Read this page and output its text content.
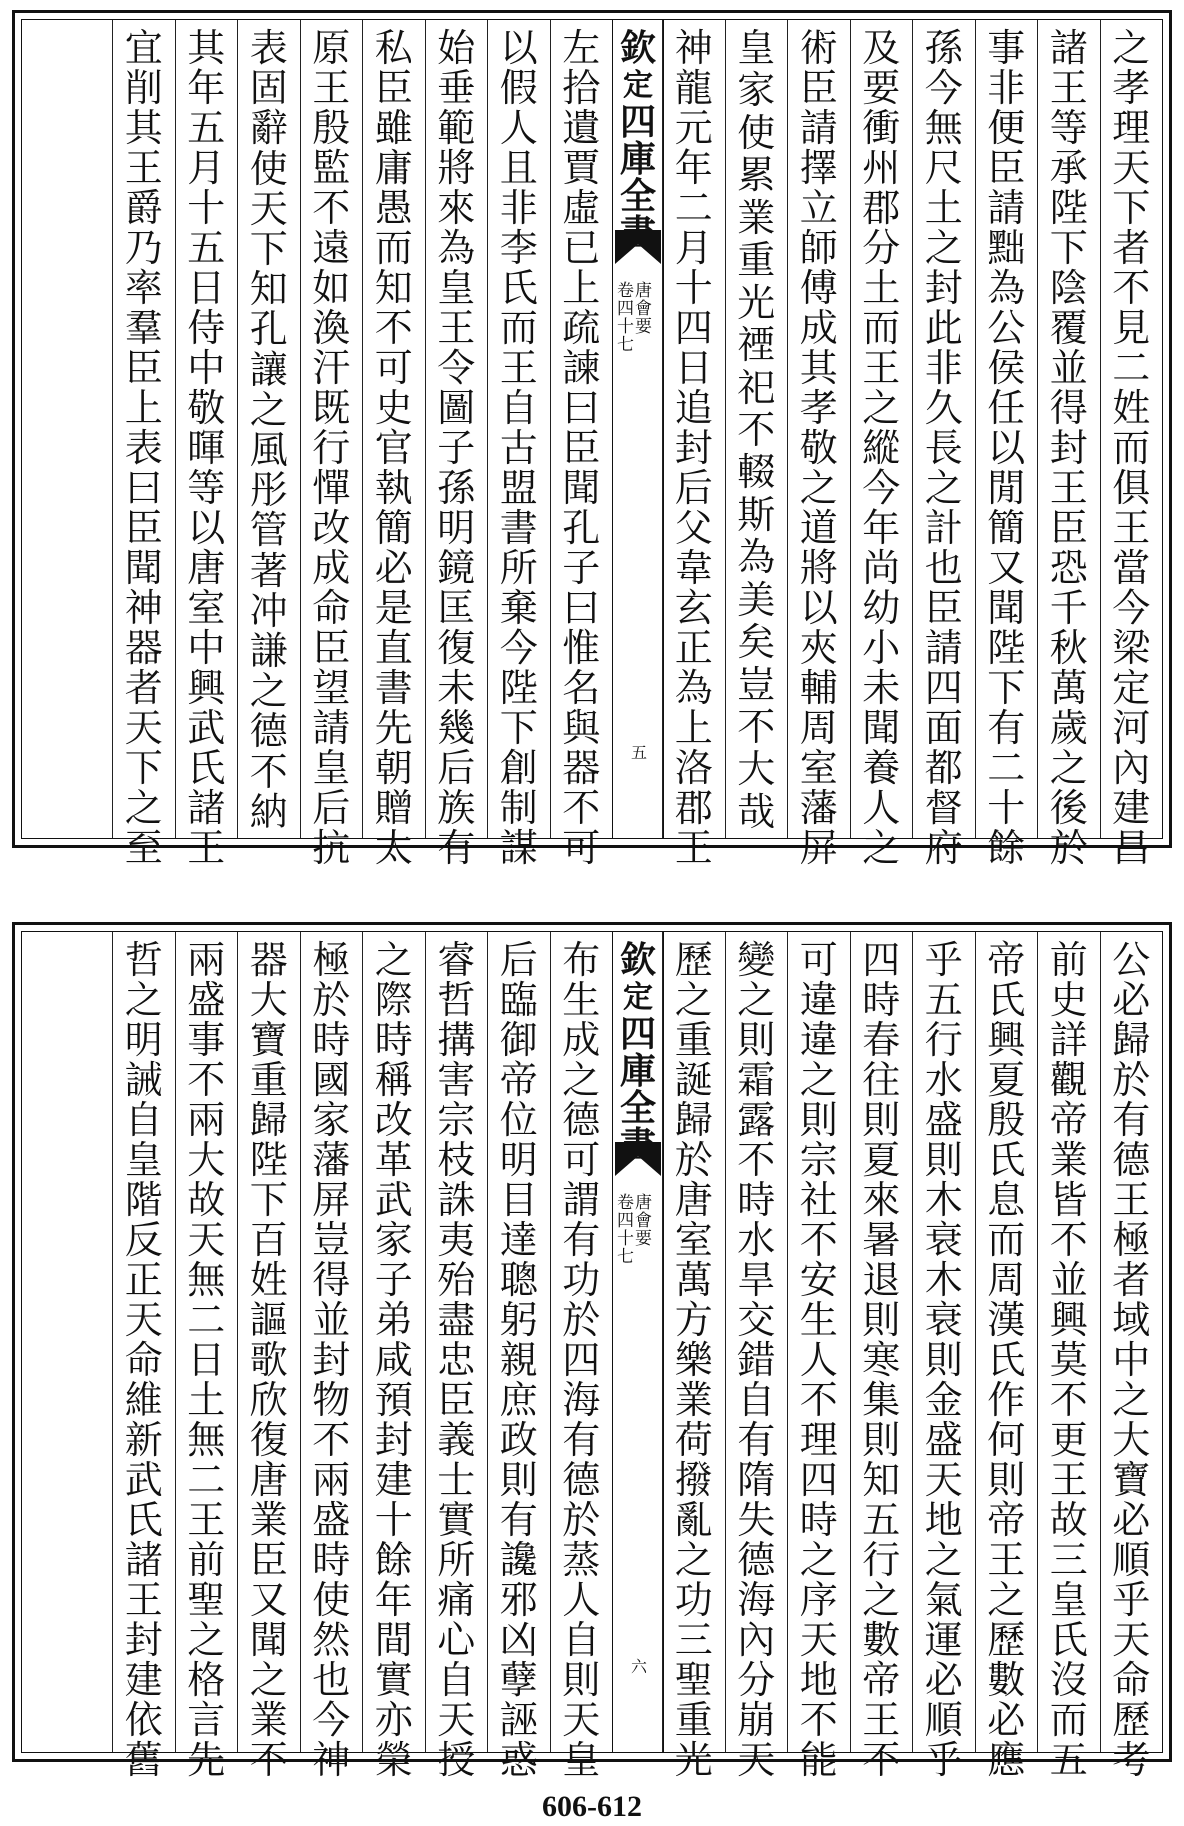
之
孝
理
天
下
者
不
見
二
姓
而
俱
王
當
今
梁
定
河
內
建
昌
諸
王
等
承
陛
下
陰
覆
並
得
封
王
臣
恐
千
秋
萬
歲
之
後
於
事
非
便
臣
請
黜
為
公
侯
任
以
閒
簡
又
聞
陛
下
有
二
十
餘
孫
今
無
尺
土
之
封
此
非
久
長
之
計
也
臣
請
四
面
都
督
府
及
要
衝
州
郡
分
土
而
王
之
縱
今
年
尚
幼
小
未
聞
養
人
之
術
臣
請
擇
立
師
傅
成
其
孝
敬
之
道
將
以
夾
輔
周
室
藩
屏
皇
家
使
累
業
重
光
禋
祀
不
輟
斯
為
美
矣
豈
不
大
哉
神
龍
元
年
二
月
十
四
日
追
封
后
父
韋
玄
正
為
上
洛
郡
王
欽
定
四
庫
全
唐
會
要
卷
四
十
七
五
左
拾
遺
賈
虛
已
上
疏
諫
曰
臣
聞
孔
子
曰
惟
名
與
器
不
可
以
假
人
且
非
李
氏
而
王
自
古
盟
書
所
棄
今
陛
下
創
制
謀
始
垂
範
將
來
為
皇
王
令
圖
子
孫
明
鏡
匡
復
未
幾
后
族
有
私
臣
雖
庸
愚
而
知
不
可
史
官
執
簡
必
是
直
書
先
朝
贈
太
原
王
殷
監
不
遠
如
渙
汗
既
行
憚
改
成
命
臣
望
請
皇
后
抗
表
固
辭
使
天
下
知
孔
讓
之
風
彤
管
著
冲
謙
之
德
不
納
其
年
五
月
十
五
日
侍
中
敬
暉
等
以
唐
室
中
興
武
氏
諸
王
宜
削
其
王
爵
乃
率
羣
臣
上
表
曰
臣
聞
神
器
者
天
下
之
至
公
必
歸
於
有
德
王
極
者
域
中
之
大
寶
必
順
乎
天
命
歷
考
前
史
詳
觀
帝
業
皆
不
並
興
莫
不
更
王
故
三
皇
氏
沒
而
五
帝
氏
興
夏
殷
氏
息
而
周
漢
氏
作
何
則
帝
王
之
歷
數
必
應
乎
五
行
水
盛
則
木
衰
木
衰
則
金
盛
天
地
之
氣
運
必
順
乎
四
時
春
往
則
夏
來
暑
退
則
寒
集
則
知
五
行
之
數
帝
王
不
可
違
違
之
則
宗
社
不
安
生
人
不
理
四
時
之
序
天
地
不
能
變
之
則
霜
露
不
時
水
旱
交
錯
自
有
隋
失
德
海
內
分
崩
天
歷
之
重
誕
歸
於
唐
室
萬
方
樂
業
荷
撥
亂
之
功
三
聖
重
光
欽
定
四
庫
全
唐
會
要
卷
四
十
七
六
布
生
成
之
德
可
謂
有
功
於
四
海
有
德
於
蒸
人
自
則
天
皇
后
臨
御
帝
位
明
目
達
聰
躬
親
庶
政
則
有
讒
邪
凶
孽
誣
惑
睿
哲
搆
害
宗
枝
誅
夷
殆
盡
忠
臣
義
士
實
所
痛
心
自
天
授
之
際
時
稱
改
革
武
家
子
弟
咸
預
封
建
十
餘
年
間
實
亦
榮
極
於
時
國
家
藩
屏
豈
得
並
封
物
不
兩
盛
時
使
然
也
今
神
器
大
寶
重
歸
陛
下
百
姓
謳
歌
欣
復
唐
業
臣
又
聞
之
業
不
兩
盛
事
不
兩
大
故
天
無
二
日
土
無
二
王
前
聖
之
格
言
先
哲
之
明
誡
自
皇
階
反
正
天
命
維
新
武
氏
諸
王
封
建
依
舊
606-612
